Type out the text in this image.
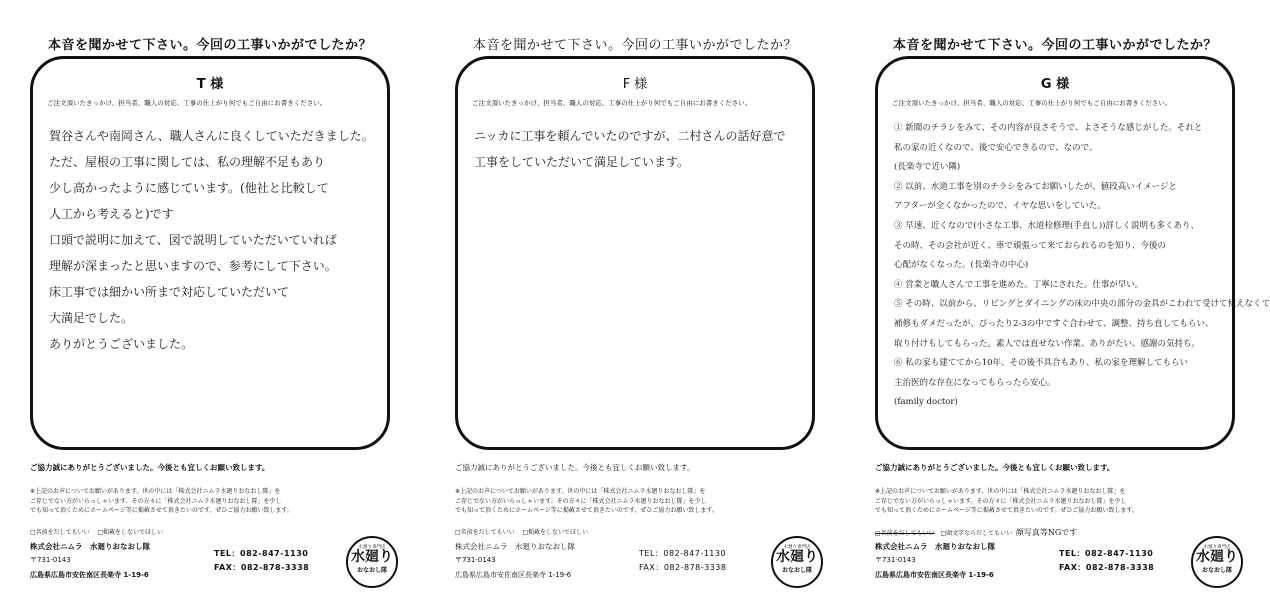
本音を聞かせて下さい。今回の工事いかがでしたか？
T 様
ご注文頂いたきっかけ、担当者、職人の対応、工事の仕上がり何でもご自由にお書きください。
賀谷さんや南岡さん、職人さんに良くしていただきました。
ただ、屋根の工事に関しては、私の理解不足もあり
少し高かったように感じています。(他社と比較して
人工から考えると)です
口頭で説明に加えて、図で説明していただいていれば
理解が深まったと思いますので、参考にして下さい。
床工事では細かい所まで対応していただいて
大満足でした。
ありがとうございました。
ご協力誠にありがとうございました。今後とも宜しくお願い致します。
※上記のお声についてお願いがあります。世の中には「株式会社ニムラ水廻りおなおし隊」を
ご存じでない方がいらっしゃいます。その方々に「株式会社ニムラ水廻りおなおし隊」を少し
でも知って頂くためにホームページ等に掲載させて頂きたいのです。ぜひご協力お願い致します。
□名前をだしてもいい □掲載をしないでほしい
株式会社ニムラ　水廻りおなおし隊
〒731-0143
広島県広島市安佐南区長楽寺 1-19-6
TEL：082-847-1130
FAX：082-878-3338
水廻り専門店
水廻り
おなおし隊
本音を聞かせて下さい。今回の工事いかがでしたか？
F 様
ご注文頂いたきっかけ、担当者、職人の対応、工事の仕上がり何でもご自由にお書きください。
ニッカに工事を頼んでいたのですが、二村さんの話好意で
工事をしていただいて満足しています。
ご協力誠にありがとうございました。今後とも宜しくお願い致します。
※上記のお声についてお願いがあります。世の中には「株式会社ニムラ水廻りおなおし隊」を
ご存じでない方がいらっしゃいます。その方々に「株式会社ニムラ水廻りおなおし隊」を少し
でも知って頂くためにホームページ等に掲載させて頂きたいのです。ぜひご協力お願い致します。
□名前をだしてもいい □掲載をしないでほしい
株式会社ニムラ　水廻りおなおし隊
〒731-0143
広島県広島市安佐南区長楽寺 1-19-6
TEL：082-847-1130
FAX：082-878-3338
水廻り専門店
水廻り
おなおし隊
本音を聞かせて下さい。今回の工事いかがでしたか？
G 様
ご注文頂いたきっかけ、担当者、職人の対応、工事の仕上がり何でもご自由にお書きください。
① 新聞のチラシをみて、その内容が良さそうで、よさそうな感じがした。それと
私の家の近くなので、後で安心できるので、なので。
(長楽寺で近い隣)
② 以前、水道工事を別のチラシをみてお願いしたが、値段高いイメージと
アフターが全くなかったので、イヤな思いをしていた。
③ 早速、近くなので(小さな工事、水道栓修理(手直し))詳しく説明も多くあり、
その時、その会社が近く、車で頑張って来ておられるのを知り、今後の
心配がなくなった。(長楽寺の中心)
④ 営業と職人さんで工事を進めた。丁寧にされた。仕事が早い。
⑤ その時、以前から、リビングとダイニングの床の中央の部分の金具がこわれて受けて使えなくて
補修もダメだったが、ぴったり2-3の中ですぐ合わせて、調整、持ち直してもらい、
取り付けもしてもらった。素人では直せない作業、ありがたい、感謝の気持ち。
⑥ 私の家も建ててから10年、その後不具合もあり、私の家を理解してもらい
主治医的な存在になってもらったら安心。
(family doctor)
ご協力誠にありがとうございました。今後とも宜しくお願い致します。
※上記のお声についてお願いがあります。世の中には「株式会社ニムラ水廻りおなおし隊」を
ご存じでない方がいらっしゃいます。その方々に「株式会社ニムラ水廻りおなおし隊」を少し
でも知って頂くためにホームページ等に掲載させて頂きたいのです。ぜひご協力お願い致します。
□名前をだしてもいい □頭文字ならだしてもいい 顔写真等NGです
株式会社ニムラ　水廻りおなおし隊
〒731-0143
広島県広島市安佐南区長楽寺 1-19-6
TEL：082-847-1130
FAX：082-878-3338
水廻り専門店
水廻り
おなおし隊
